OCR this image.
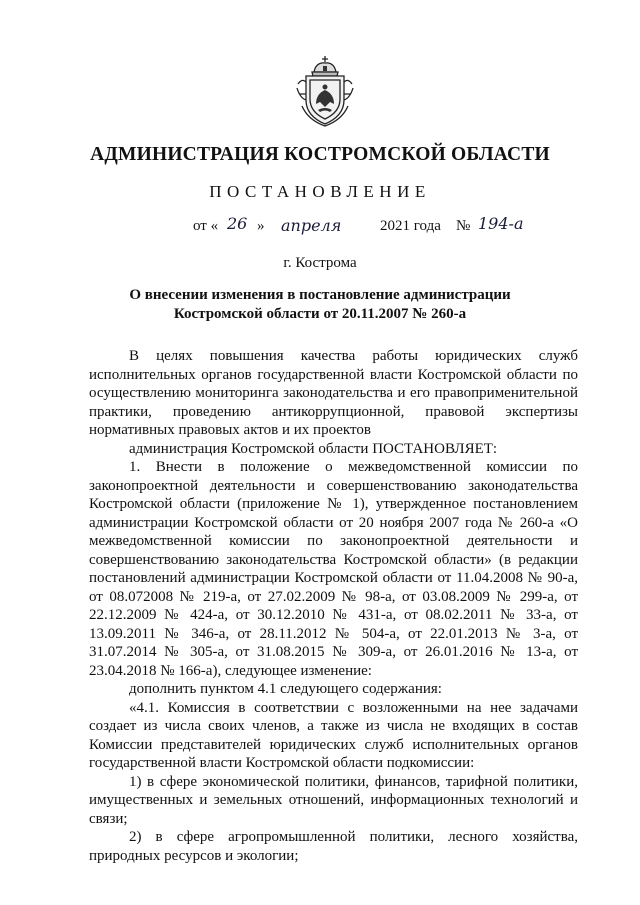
АДМИНИСТРАЦИЯ КОСТРОМСКОЙ ОБЛАСТИ
ПОСТАНОВЛЕНИЕ
от « 26 » апреля	2021 года № 194-а
г. Кострома
О внесении изменения в постановление администрации
Костромской области от 20.11.2007 № 260-а

В целях повышения качества работы юридических служб исполнительных органов государственной власти Костромской области по осуществлению мониторинга законодательства и его правоприменительной практики, проведению антикоррупционной, правовой экспертизы нормативных правовых актов и их проектов

администрация Костромской области ПОСТАНОВЛЯЕТ:

1. Внести в положение о межведомственной комиссии по законопроектной деятельности и совершенствованию законодательства Костромской области (приложение № 1), утвержденное постановлением администрации Костромской области от 20 ноября 2007 года № 260-а «О межведомственной комиссии по законопроектной деятельности и совершенствованию законодательства Костромской области» (в редакции постановлений администрации Костромской области от 11.04.2008 № 90-а, от 08.072008 № 219-а, от 27.02.2009 № 98-а, от 03.08.2009 № 299-а, от 22.12.2009 № 424-а, от 30.12.2010 № 431-а, от 08.02.2011 № 33-а, от 13.09.2011 № 346-а, от 28.11.2012 № 504-а, от 22.01.2013 № 3-а, от 31.07.2014 № 305-а, от 31.08.2015 № 309-а, от 26.01.2016 № 13-а, от 23.04.2018 № 166-а), следующее изменение:

дополнить пунктом 4.1 следующего содержания:

«4.1. Комиссия в соответствии с возложенными на нее задачами создает из числа своих членов, а также из числа не входящих в состав Комиссии представителей юридических служб исполнительных органов государственной власти Костромской области подкомиссии:

1) в сфере экономической политики, финансов, тарифной политики, имущественных и земельных отношений, информационных технологий и связи;

2) в сфере агропромышленной политики, лесного хозяйства, природных ресурсов и экологии;
